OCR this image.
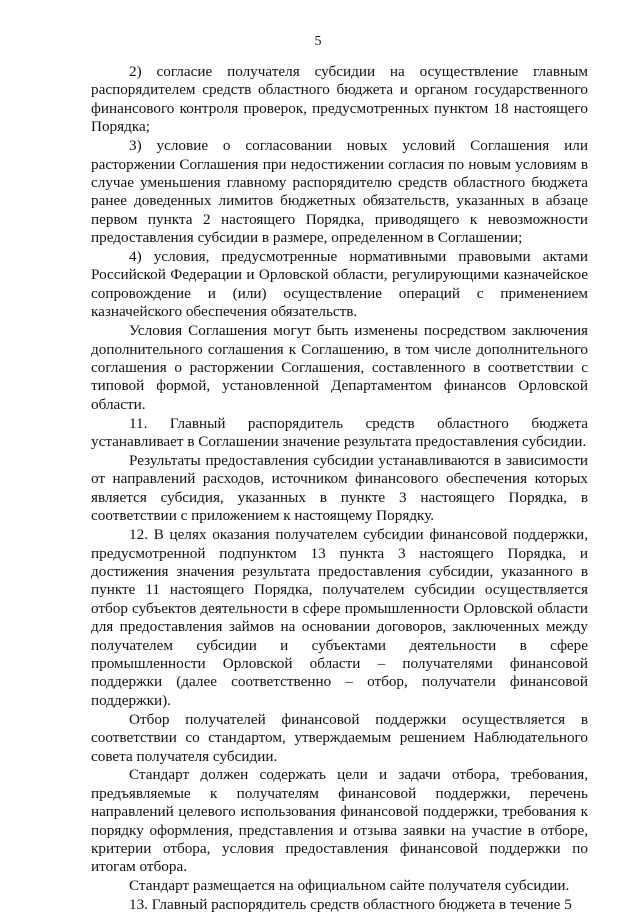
5

2) согласие получателя субсидии на осуществление главным распорядителем средств областного бюджета и органом государственного финансового контроля проверок, предусмотренных пунктом 18 настоящего Порядка;

3) условие о согласовании новых условий Соглашения или расторжении Соглашения при недостижении согласия по новым условиям в случае уменьшения главному распорядителю средств областного бюджета ранее доведенных лимитов бюджетных обязательств, указанных в абзаце первом пункта 2 настоящего Порядка, приводящего к невозможности предоставления субсидии в размере, определенном в Соглашении;

4) условия, предусмотренные нормативными правовыми актами Российской Федерации и Орловской области, регулирующими казначейское сопровождение и (или) осуществление операций с применением казначейского обеспечения обязательств.

Условия Соглашения могут быть изменены посредством заключения дополнительного соглашения к Соглашению, в том числе дополнительного соглашения о расторжении Соглашения, составленного в соответствии с типовой формой, установленной Департаментом финансов Орловской области.

11. Главный распорядитель средств областного бюджета устанавливает в Соглашении значение результата предоставления субсидии.

Результаты предоставления субсидии устанавливаются в зависимости от направлений расходов, источником финансового обеспечения которых является субсидия, указанных в пункте 3 настоящего Порядка, в соответствии с приложением к настоящему Порядку.

12. В целях оказания получателем субсидии финансовой поддержки, предусмотренной подпунктом 13 пункта 3 настоящего Порядка, и достижения значения результата предоставления субсидии, указанного в пункте 11 настоящего Порядка, получателем субсидии осуществляется отбор субъектов деятельности в сфере промышленности Орловской области для предоставления займов на основании договоров, заключенных между получателем субсидии и субъектами деятельности в сфере промышленности Орловской области – получателями финансовой поддержки (далее соответственно – отбор, получатели финансовой поддержки).

Отбор получателей финансовой поддержки осуществляется в соответствии со стандартом, утверждаемым решением Наблюдательного совета получателя субсидии.

Стандарт должен содержать цели и задачи отбора, требования, предъявляемые к получателям финансовой поддержки, перечень направлений целевого использования финансовой поддержки, требования к порядку оформления, представления и отзыва заявки на участие в отборе, критерии отбора, условия предоставления финансовой поддержки по итогам отбора.

Стандарт размещается на официальном сайте получателя субсидии.

13. Главный распорядитель средств областного бюджета в течение 5
